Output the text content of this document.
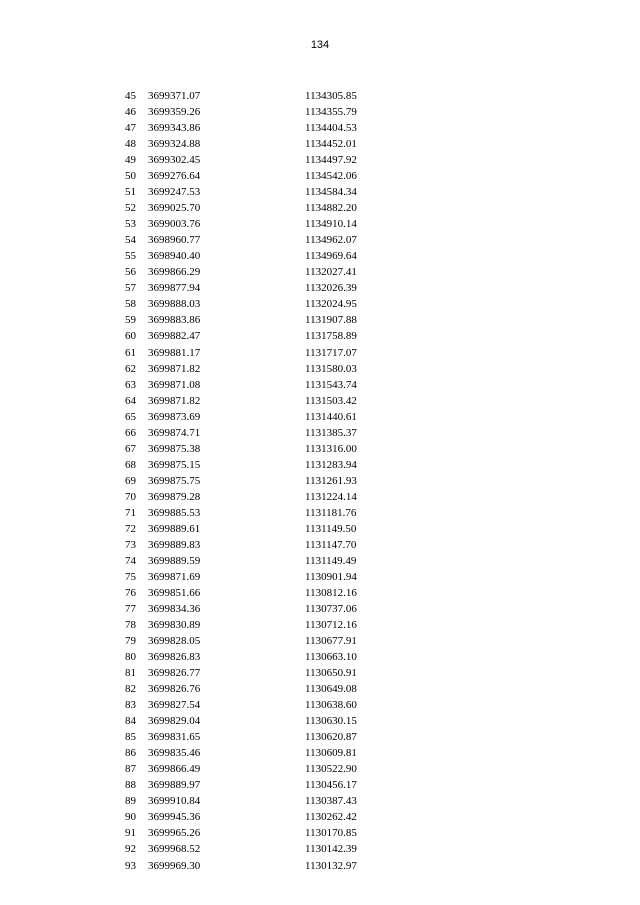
134
45 3699371.07	1134305.85
46 3699359.26	1134355.79
47 3699343.86	1134404.53
48 3699324.88	1134452.01
49 3699302.45	1134497.92
50 3699276.64	1134542.06
51 3699247.53	1134584.34
52 3699025.70	1134882.20
53 3699003.76	1134910.14
54 3698960.77	1134962.07
55 3698940.40	1134969.64
56 3699866.29	1132027.41
57 3699877.94	1132026.39
58 3699888.03	1132024.95
59 3699883.86	1131907.88
60 3699882.47	1131758.89
61 3699881.17	1131717.07
62 3699871.82	1131580.03
63 3699871.08	1131543.74
64 3699871.82	1131503.42
65 3699873.69	1131440.61
66 3699874.71	1131385.37
67 3699875.38	1131316.00
68 3699875.15	1131283.94
69 3699875.75	1131261.93
70 3699879.28	1131224.14
71 3699885.53	1131181.76
72 3699889.61	1131149.50
73 3699889.83	1131147.70
74 3699889.59	1131149.49
75 3699871.69	1130901.94
76 3699851.66	1130812.16
77 3699834.36	1130737.06
78 3699830.89	1130712.16
79 3699828.05	1130677.91
80 3699826.83	1130663.10
81 3699826.77	1130650.91
82 3699826.76	1130649.08
83 3699827.54	1130638.60
84 3699829.04	1130630.15
85 3699831.65	1130620.87
86 3699835.46	1130609.81
87 3699866.49	1130522.90
88 3699889.97	1130456.17
89 3699910.84	1130387.43
90 3699945.36	1130262.42
91 3699965.26	1130170.85
92 3699968.52	1130142.39
93 3699969.30	1130132.97
